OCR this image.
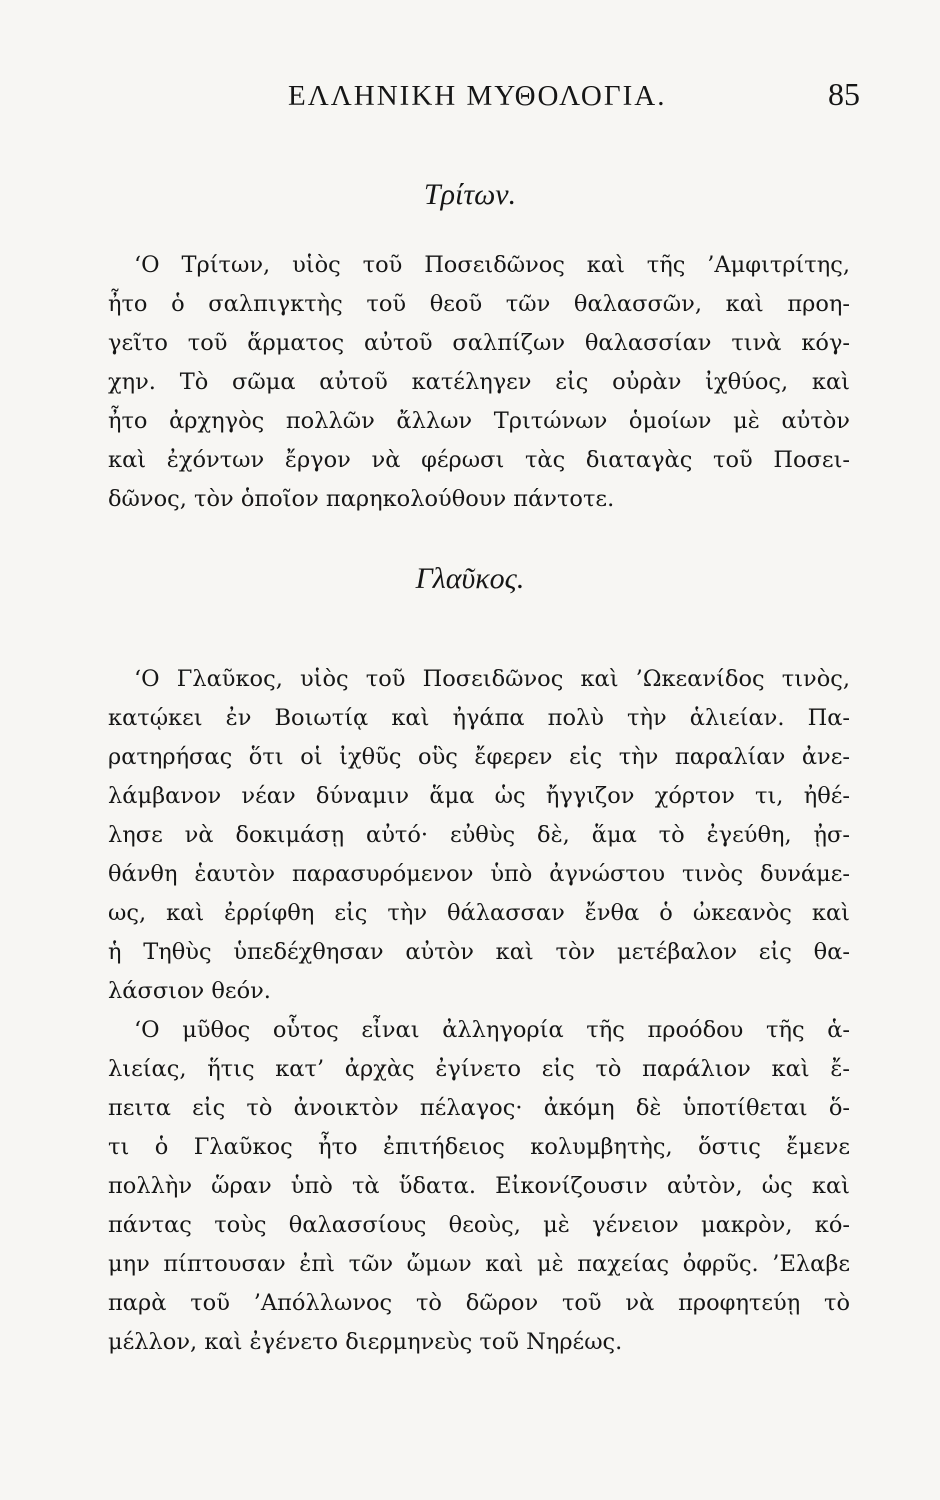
ΕΛΛΗΝΙΚΗ ΜΥΘΟΛΟΓΙΑ.	85
Τρίτων.
‘Ο Τρίτων, υἱὸς τοῦ Ποσειδῶνος καὶ τῆς ’Αμφιτρίτης,
ἦτο ὁ σαλπιγκτὴς τοῦ θεοῦ τῶν θαλασσῶν, καὶ προη-
γεῖτο τοῦ ἅρματος αὐτοῦ σαλπίζων θαλασσίαν τινὰ κόγ-
χην. Τὸ σῶμα αὐτοῦ κατέληγεν εἰς οὐρὰν ἰχθύος, καὶ
ἦτο ἀρχηγὸς πολλῶν ἄλλων Τριτώνων ὁμοίων μὲ αὐτὸν
καὶ ἐχόντων ἔργον νὰ φέρωσι τὰς διαταγὰς τοῦ Ποσει-
δῶνος, τὸν ὁποῖον παρηκολούθουν πάντοτε.
Γλαῦκος.
‘Ο Γλαῦκος, υἱὸς τοῦ Ποσειδῶνος καὶ ’Ωκεανίδος τινὸς,
κατῴκει ἐν Βοιωτίᾳ καὶ ἠγάπα πολὺ τὴν ἁλιείαν. Πα-
ρατηρήσας ὅτι οἱ ἰχθῦς οὓς ἔφερεν εἰς τὴν παραλίαν ἀνε-
λάμβανον νέαν δύναμιν ἅμα ὡς ἤγγιζον χόρτον τι, ἠθέ-
λησε νὰ δοκιμάσῃ αὐτό· εὐθὺς δὲ, ἅμα τὸ ἐγεύθη, ᾐσ-
θάνθη ἑαυτὸν παρασυρόμενον ὑπὸ ἀγνώστου τινὸς δυνάμε-
ως, καὶ ἐρρίφθη εἰς τὴν θάλασσαν ἔνθα ὁ ὠκεανὸς καὶ
ἡ Τηθὺς ὑπεδέχθησαν αὐτὸν καὶ τὸν μετέβαλον εἰς θα-
λάσσιον θεόν.
‘Ο μῦθος οὗτος εἶναι ἀλληγορία τῆς προόδου τῆς ἁ-
λιείας, ἥτις κατ’ ἀρχὰς ἐγίνετο εἰς τὸ παράλιον καὶ ἔ-
πειτα εἰς τὸ ἀνοικτὸν πέλαγος· ἀκόμη δὲ ὑποτίθεται ὅ-
τι ὁ Γλαῦκος ἦτο ἐπιτήδειος κολυμβητὴς, ὅστις ἔμενε
πολλὴν ὥραν ὑπὸ τὰ ὕδατα. Εἰκονίζουσιν αὐτὸν, ὡς καὶ
πάντας τοὺς θαλασσίους θεοὺς, μὲ γένειον μακρὸν, κό-
μην πίπτουσαν ἐπὶ τῶν ὤμων καὶ μὲ παχείας ὀφρῦς. ’Ελαβε
παρὰ τοῦ ’Απόλλωνος τὸ δῶρον τοῦ νὰ προφητεύῃ τὸ
μέλλον, καὶ ἐγένετο διερμηνεὺς τοῦ Νηρέως.
